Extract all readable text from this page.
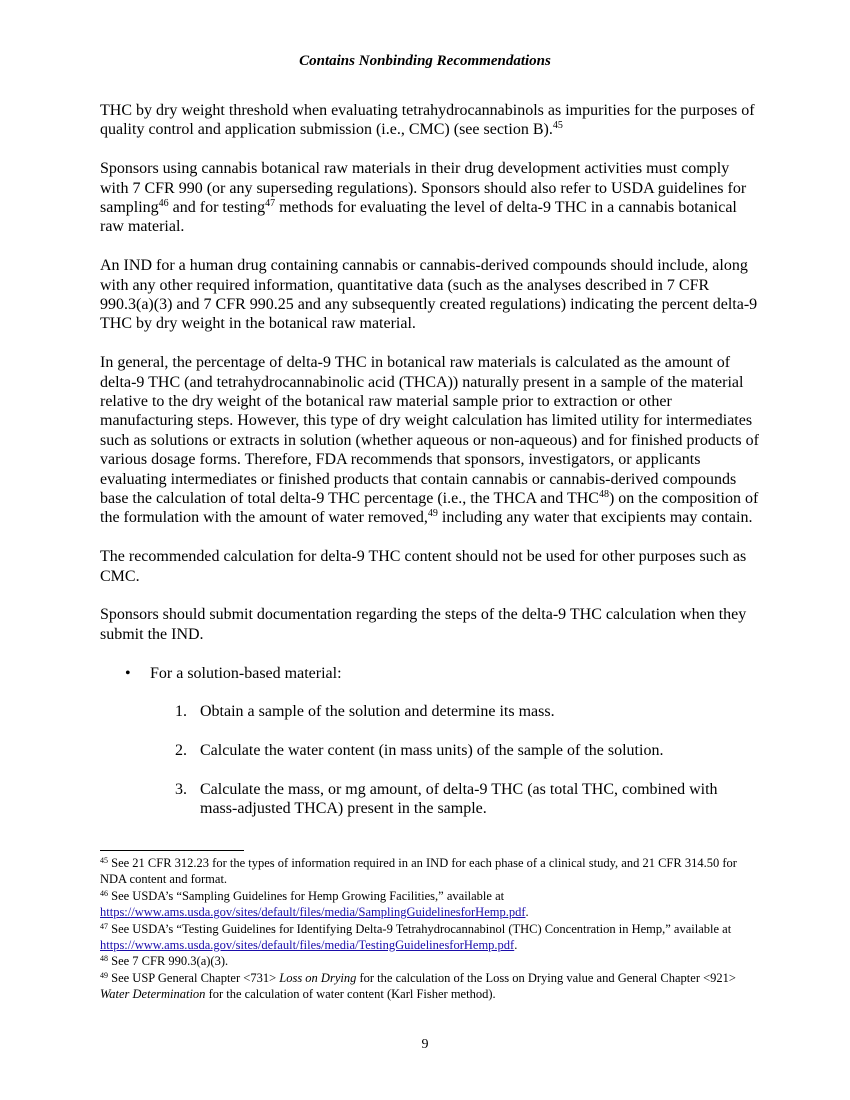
Contains Nonbinding Recommendations

THC by dry weight threshold when evaluating tetrahydrocannabinols as impurities for the purposes of quality control and application submission (i.e., CMC) (see section B).$^{45}$

Sponsors using cannabis botanical raw materials in their drug development activities must comply with 7 CFR 990 (or any superseding regulations). Sponsors should also refer to USDA guidelines for sampling$^{46}$ and for testing$^{47}$ methods for evaluating the level of delta-9 THC in a cannabis botanical raw material.

An IND for a human drug containing cannabis or cannabis-derived compounds should include, along with any other required information, quantitative data (such as the analyses described in 7 CFR 990.3(a)(3) and 7 CFR 990.25 and any subsequently created regulations) indicating the percent delta-9 THC by dry weight in the botanical raw material.

In general, the percentage of delta-9 THC in botanical raw materials is calculated as the amount of delta-9 THC (and tetrahydrocannabinolic acid (THCA)) naturally present in a sample of the material relative to the dry weight of the botanical raw material sample prior to extraction or other manufacturing steps. However, this type of dry weight calculation has limited utility for intermediates such as solutions or extracts in solution (whether aqueous or non-aqueous) and for finished products of various dosage forms. Therefore, FDA recommends that sponsors, investigators, or applicants evaluating intermediates or finished products that contain cannabis or cannabis-derived compounds base the calculation of total delta-9 THC percentage (i.e., the THCA and THC$^{48}$) on the composition of the formulation with the amount of water removed,$^{49}$ including any water that excipients may contain.

The recommended calculation for delta-9 THC content should not be used for other purposes such as CMC.

Sponsors should submit documentation regarding the steps of the delta-9 THC calculation when they submit the IND.

• For a solution-based material:
1. Obtain a sample of the solution and determine its mass.
2. Calculate the water content (in mass units) of the sample of the solution.
3. Calculate the mass, or mg amount, of delta-9 THC (as total THC, combined with mass-adjusted THCA) present in the sample.

$^{45}$ See 21 CFR 312.23 for the types of information required in an IND for each phase of a clinical study, and 21 CFR 314.50 for NDA content and format.

$^{46}$ See USDA’s “Sampling Guidelines for Hemp Growing Facilities,” available at https://www.ams.usda.gov/sites/default/files/media/SamplingGuidelinesforHemp.pdf.

$^{47}$ See USDA’s “Testing Guidelines for Identifying Delta-9 Tetrahydrocannabinol (THC) Concentration in Hemp,” available at https://www.ams.usda.gov/sites/default/files/media/TestingGuidelinesforHemp.pdf.

$^{48}$ See 7 CFR 990.3(a)(3).

$^{49}$ See USP General Chapter <731> Loss on Drying for the calculation of the Loss on Drying value and General Chapter <921> Water Determination for the calculation of water content (Karl Fisher method).

9
